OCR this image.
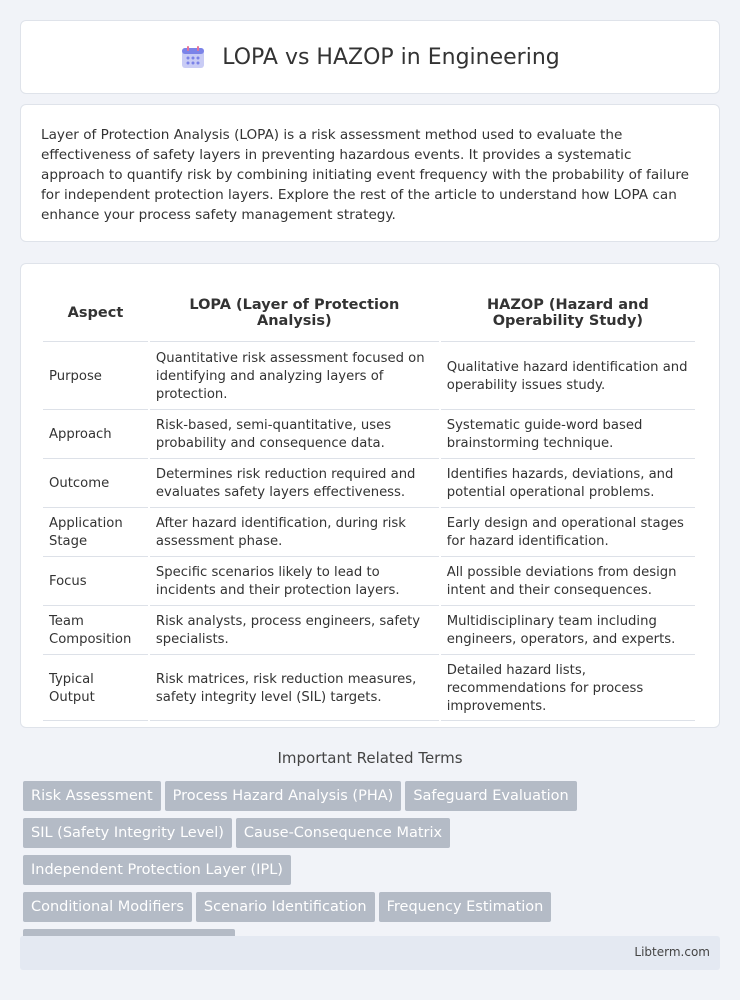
LOPA vs HAZOP in Engineering

Layer of Protection Analysis (LOPA) is a risk assessment method used to evaluate the effectiveness of safety layers in preventing hazardous events. It provides a systematic approach to quantify risk by combining initiating event frequency with the probability of failure for independent protection layers. Explore the rest of the article to understand how LOPA can enhance your process safety management strategy.

Aspect	LOPA (Layer of Protection Analysis)	HAZOP (Hazard and Operability Study)
Purpose	Quantitative risk assessment focused on identifying and analyzing layers of protection.	Qualitative hazard identification and operability issues study.
Approach	Risk-based, semi-quantitative, uses probability and consequence data.	Systematic guide-word based brainstorming technique.
Outcome	Determines risk reduction required and evaluates safety layers effectiveness.	Identifies hazards, deviations, and potential operational problems.
Application Stage	After hazard identification, during risk assessment phase.	Early design and operational stages for hazard identification.
Focus	Specific scenarios likely to lead to incidents and their protection layers.	All possible deviations from design intent and their consequences.
Team Composition	Risk analysts, process engineers, safety specialists.	Multidisciplinary team including engineers, operators, and experts.
Typical Output	Risk matrices, risk reduction measures, safety integrity level (SIL) targets.	Detailed hazard lists, recommendations for process improvements.
Important Related Terms
Risk Assessment Process Hazard Analysis (PHA) Safeguard Evaluation
SIL (Safety Integrity Level) Cause-Consequence MatrixIndependent Protection Layer (IPL)
Conditional Modifiers Scenario Identification Frequency Estimation

Libterm.com
